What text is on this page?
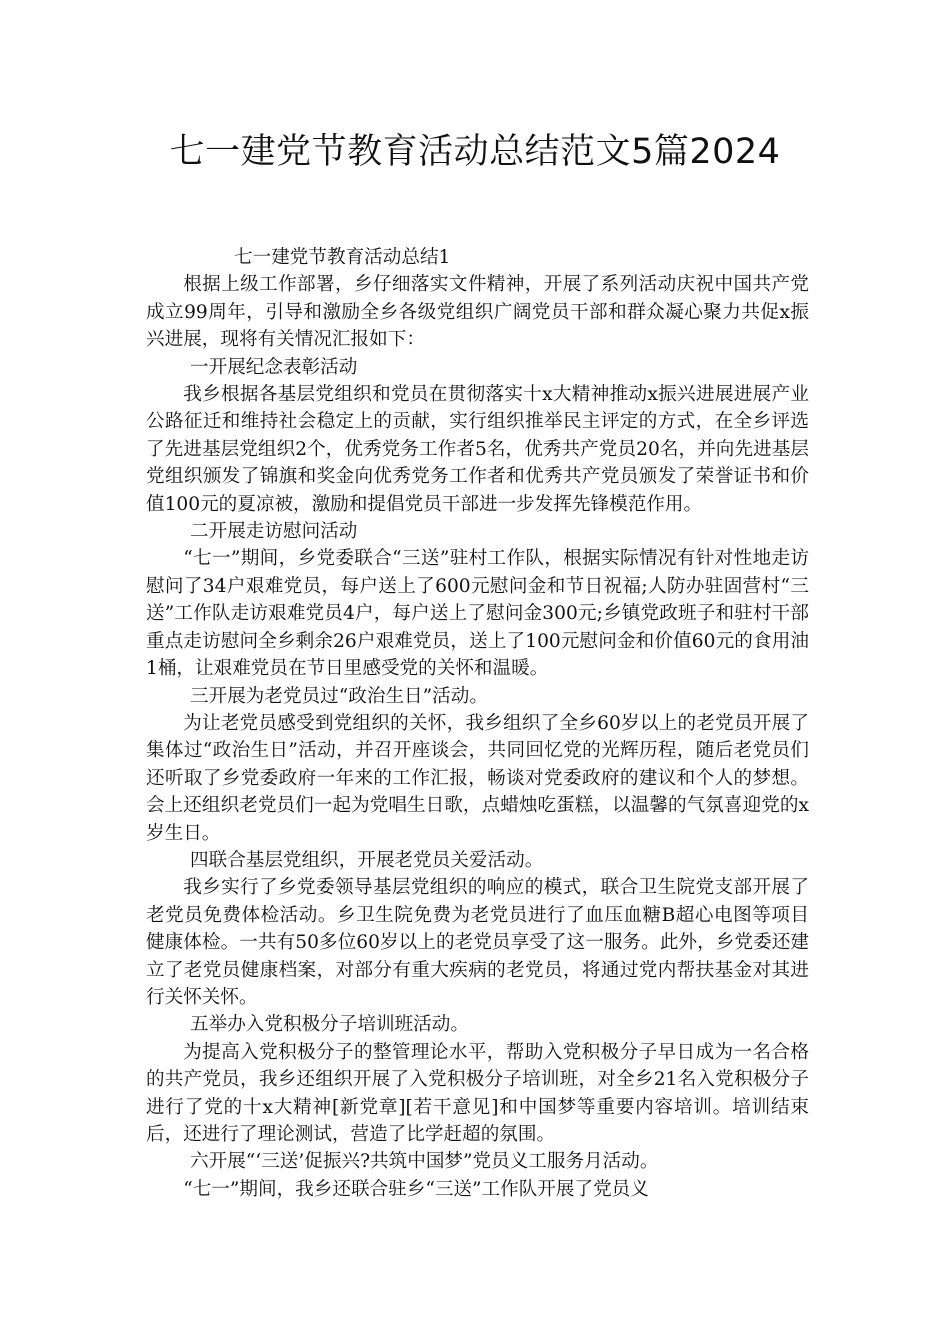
七一建党节教育活动总结范文5篇2024

七一建党节教育活动总结1

根据上级工作部署，乡仔细落实文件精神，开展了系列活动庆祝中国共产党成立99周年，引导和激励全乡各级党组织广阔党员干部和群众凝心聚力共促x振兴进展，现将有关情况汇报如下：

一开展纪念表彰活动

我乡根据各基层党组织和党员在贯彻落实十x大精神推动x振兴进展进展产业公路征迁和维持社会稳定上的贡献，实行组织推举民主评定的方式，在全乡评选了先进基层党组织2个，优秀党务工作者5名，优秀共产党员20名，并向先进基层党组织颁发了锦旗和奖金向优秀党务工作者和优秀共产党员颁发了荣誉证书和价值100元的夏凉被，激励和提倡党员干部进一步发挥先锋模范作用。

二开展走访慰问活动

“七一”期间，乡党委联合“三送”驻村工作队，根据实际情况有针对性地走访慰问了34户艰难党员，每户送上了600元慰问金和节日祝福;人防办驻固营村“三送”工作队走访艰难党员4户，每户送上了慰问金300元;乡镇党政班子和驻村干部重点走访慰问全乡剩余26户艰难党员，送上了100元慰问金和价值60元的食用油1桶，让艰难党员在节日里感受党的关怀和温暖。

三开展为老党员过“政治生日”活动。

为让老党员感受到党组织的关怀，我乡组织了全乡60岁以上的老党员开展了集体过“政治生日”活动，并召开座谈会，共同回忆党的光辉历程，随后老党员们还听取了乡党委政府一年来的工作汇报，畅谈对党委政府的建议和个人的梦想。会上还组织老党员们一起为党唱生日歌，点蜡烛吃蛋糕，以温馨的气氛喜迎党的x岁生日。

四联合基层党组织，开展老党员关爱活动。

我乡实行了乡党委领导基层党组织的响应的模式，联合卫生院党支部开展了老党员免费体检活动。乡卫生院免费为老党员进行了血压血糖B超心电图等项目健康体检。一共有50多位60岁以上的老党员享受了这一服务。此外，乡党委还建立了老党员健康档案，对部分有重大疾病的老党员，将通过党内帮扶基金对其进行关怀关怀。

五举办入党积极分子培训班活动。

为提高入党积极分子的整管理论水平，帮助入党积极分子早日成为一名合格的共产党员，我乡还组织开展了入党积极分子培训班，对全乡21名入党积极分子进行了党的十x大精神[新党章][若干意见]和中国梦等重要内容培训。培训结束后，还进行了理论测试，营造了比学赶超的氛围。

六开展“‘三送’促振兴?共筑中国梦”党员义工服务月活动。

“七一”期间，我乡还联合驻乡“三送”工作队开展了党员义
